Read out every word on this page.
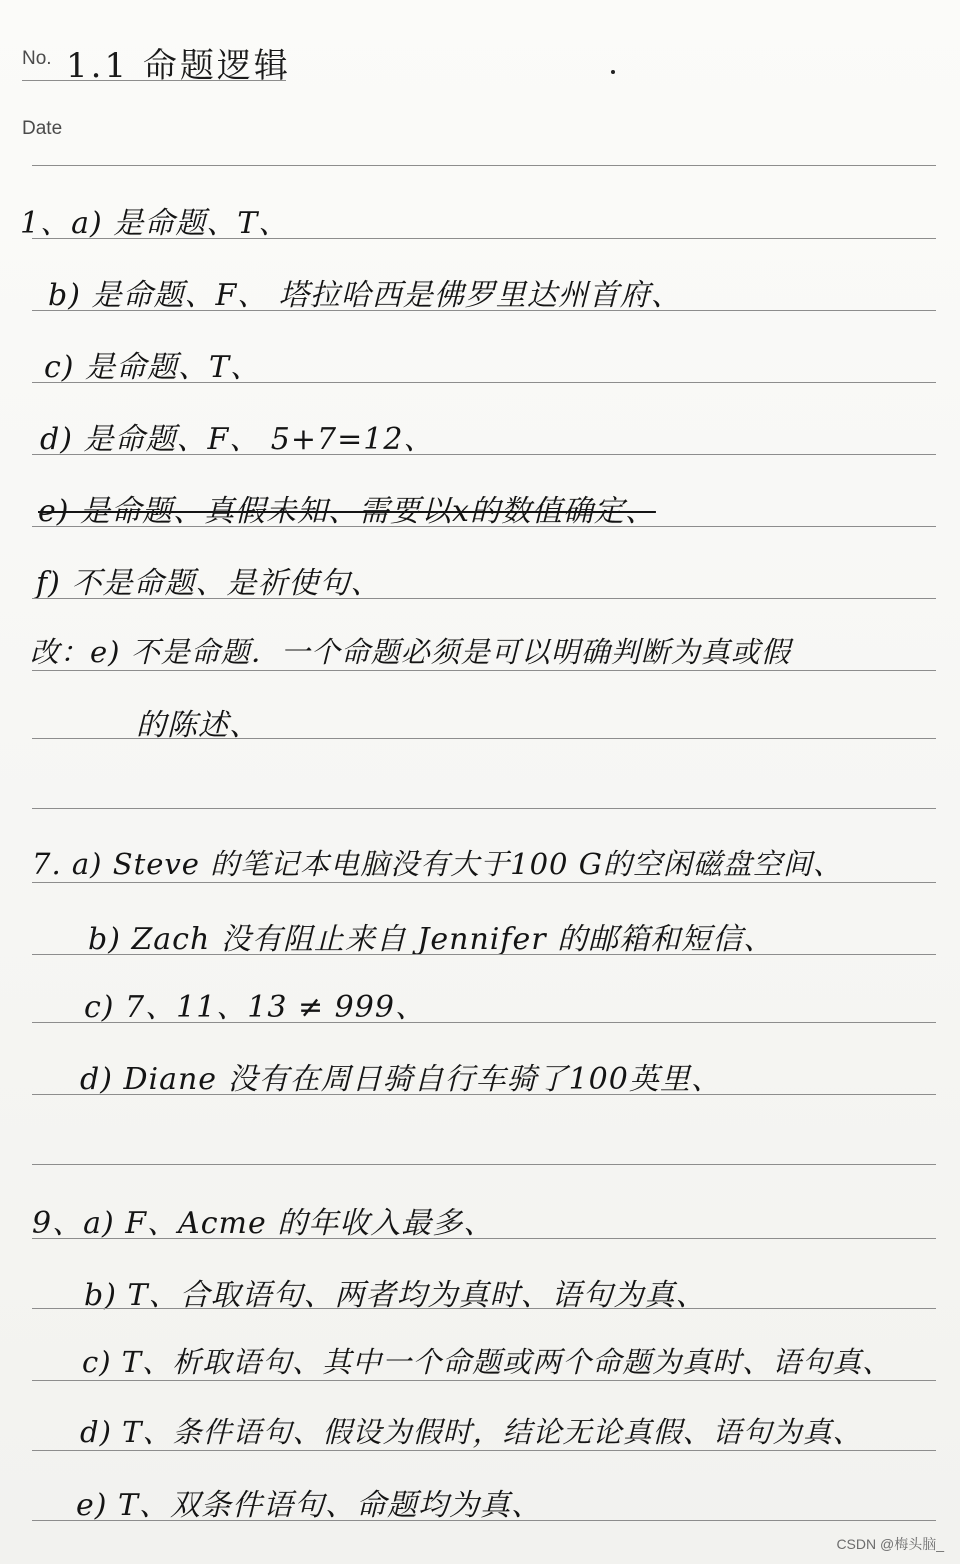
No. 1.1 命题逻辑
Date
1、a) 是命题、T、
b) 是命题、F、 塔拉哈西是佛罗里达州首府、
c) 是命题、T、
d) 是命题、F、 5+7=12、
e) 是命题、真假未知、需要以x的数值确定、
f) 不是命题、是祈使句、
改：e) 不是命题．一个命题必须是可以明确判断为真或假
的陈述、
7. a) Steve 的笔记本电脑没有大于100 G的空闲磁盘空间、
b) Zach 没有阻止来自 Jennifer 的邮箱和短信、
c) 7、11、13 ≠ 999、
d) Diane 没有在周日骑自行车骑了100英里、
9、a) F、Acme 的年收入最多、
b) T、合取语句、两者均为真时、语句为真、
c) T、析取语句、其中一个命题或两个命题为真时、语句真、
d) T、条件语句、假设为假时，结论无论真假、语句为真、
e) T、双条件语句、命题均为真、
CSDN @梅头脑_
